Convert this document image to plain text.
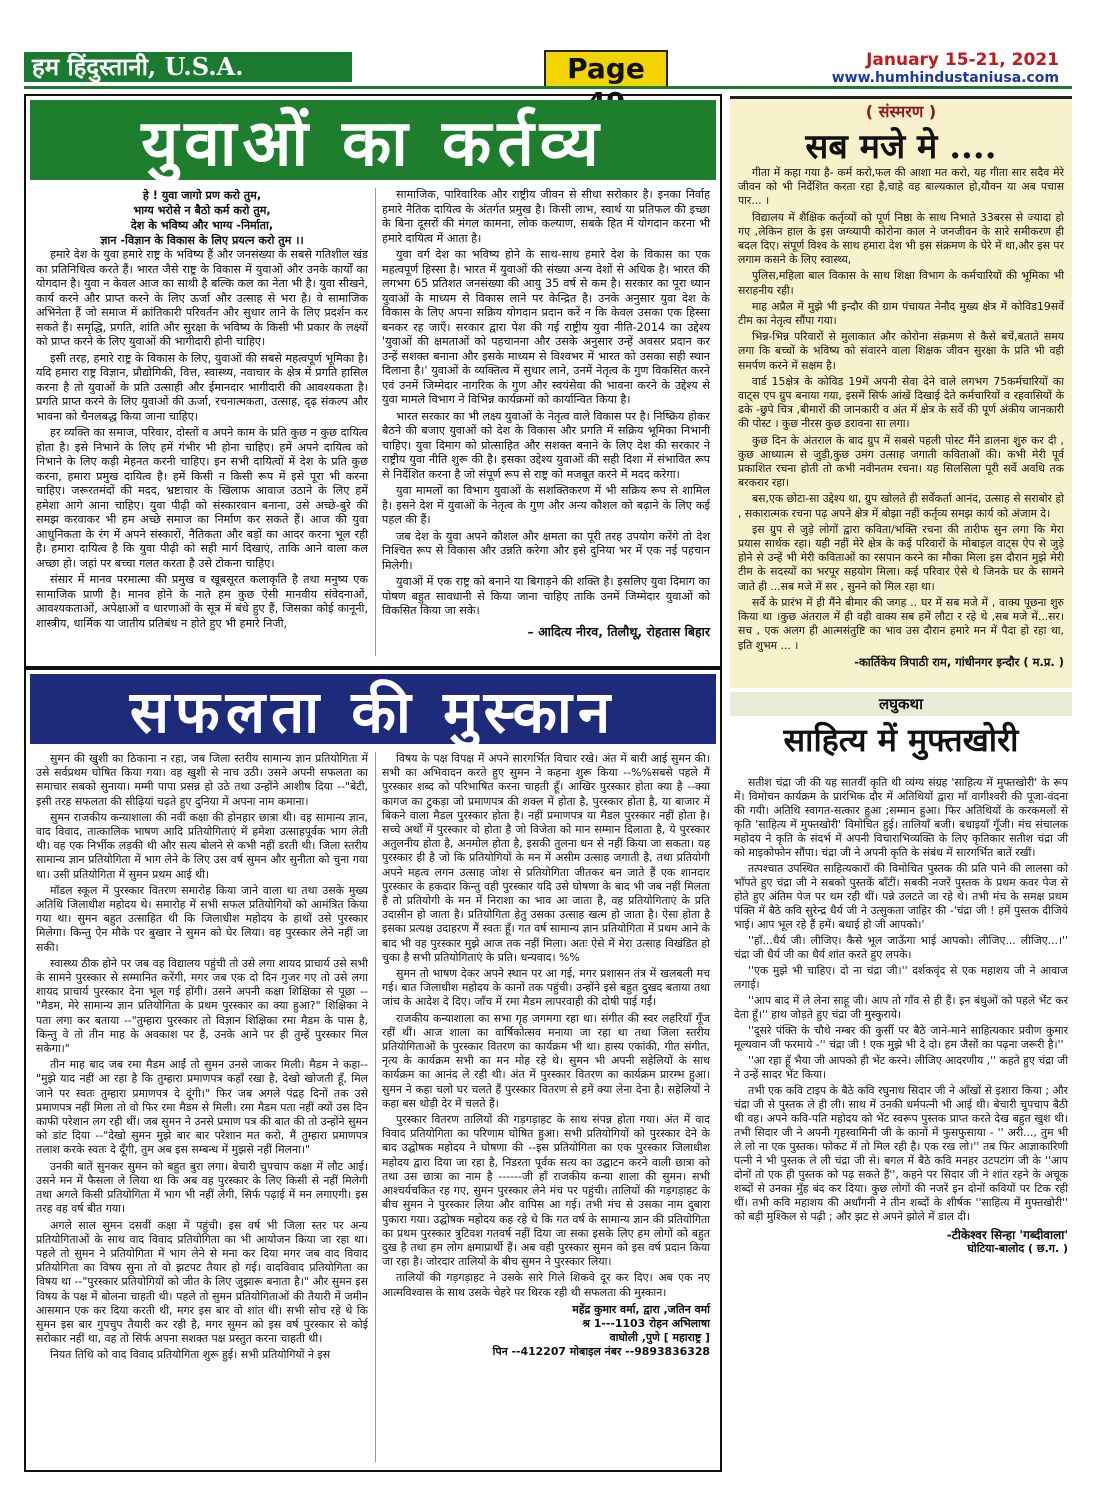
हम हिंदुस्तानी, U.S.A.	Page	January 15-21, 2021
www.humhindustaniusa.com
युवाओं का कर्तव्य
हे ! युवा जागो प्रण करो तुम,
भाग्य भरोसे न बैठो कर्म करो तुम,
देश के भविष्य और भाग्य -निर्माता,
ज्ञान -विज्ञान के विकास के लिए प्रयत्न करो तुम ।।

हमारे देश के युवा हमारे राष्ट्र के भविष्य हैं और जनसंख्या के सबसे गतिशील खंड का प्रतिनिधित्व करते हैं। भारत जैसे राष्ट्र के विकास में युवाओं और उनके कार्यों का योगदान है। युवा न केवल आज का साथी है बल्कि कल का नेता भी है। युवा सीखने, कार्य करने और प्राप्त करने के लिए ऊर्जा और उत्साह से भरा है। वे सामाजिक अभिनेता हैं जो समाज में क्रांतिकारी परिवर्तन और सुधार लाने के लिए प्रदर्शन कर सकते हैं। समृद्धि, प्रगति, शांति और सुरक्षा के भविष्य के किसी भी प्रकार के लक्ष्यों को प्राप्त करने के लिए युवाओं की भागीदारी होनी चाहिए।

इसी तरह, हमारे राष्ट्र के विकास के लिए, युवाओं की सबसे महत्वपूर्ण भूमिका है। यदि हमारा राष्ट्र विज्ञान, प्रौद्योगिकी, वित्त, स्वास्थ्य, नवाचार के क्षेत्र में प्रगति हासिल करना है तो युवाओं के प्रति उत्साही और ईमानदार भागीदारी की आवश्यकता है। प्रगति प्राप्त करने के लिए युवाओं की ऊर्जा, रचनात्मकता, उत्साह, दृढ़ संकल्प और भावना को चैनलबद्ध किया जाना चाहिए।

हर व्यक्ति का समाज, परिवार, दोस्तों व अपने काम के प्रति कुछ न कुछ दायित्व होता है। इसे निभाने के लिए हमें गंभीर भी होना चाहिए। हमें अपने दायित्व को निभाने के लिए कड़ी मेहनत करनी चाहिए। इन सभी दायित्वों में देश के प्रति कुछ करना, हमारा प्रमुख दायित्व है। हमें किसी न किसी रूप में इसे पूरा भी करना चाहिए। जरूरतमंदों की मदद, भ्रष्टाचार के खिलाफ आवाज उठाने के लिए हमें हमेशा आगे आना चाहिए। युवा पीढ़ी को संस्कारवान बनाना, उसे अच्छे-बुरे की समझ करवाकर भी हम अच्छे समाज का निर्माण कर सकते हैं। आज की युवा आधुनिकता के रंग में अपने संस्कारों, नैतिकता और बड़ों का आदर करना भूल रही है। हमारा दायित्व है कि युवा पीढ़ी को सही मार्ग दिखाएं, ताकि आने वाला कल अच्छा हो। जहां पर बच्चा गलत करता है उसे टोकना चाहिए।

संसार में मानव परमात्मा की प्रमुख व खूबसूरत कलाकृति है तथा मनुष्य एक सामाजिक प्राणी है। मानव होने के नाते हम कुछ ऐसी मानवीय संवेदनाओं, आवश्यकताओं, अपेक्षाओं व धारणाओं के सूत्र में बंधे हुए हैं, जिसका कोई कानूनी, शास्त्रीय, धार्मिक या जातीय प्रतिबंध न होते हुए भी हमारे निजी,

सामाजिक, पारिवारिक और राष्ट्रीय जीवन से सीधा सरोकार है। इनका निर्वाह हमारे नैतिक दायित्व के अंतर्गत प्रमुख है। किसी लाभ, स्वार्थ या प्रतिफल की इच्छा के बिना दूसरों की मंगल कामना, लोक कल्याण, सबके हित में योगदान करना भी हमारे दायित्व में आता है।

युवा वर्ग देश का भविष्य होने के साथ-साथ हमारे देश के विकास का एक महत्वपूर्ण हिस्सा है। भारत में युवाओं की संख्या अन्य देशों से अधिक है। भारत की लगभग 65 प्रतिशत जनसंख्या की आयु 35 वर्ष से कम है। सरकार का पूरा ध्यान युवाओं के माध्यम से विकास लाने पर केन्द्रित है। उनके अनुसार युवा देश के विकास के लिए अपना सक्रिय योगदान प्रदान करें न कि केवल उसका एक हिस्सा बनकर रह जाएँ। सरकार द्वारा पेश की गई राष्ट्रीय युवा नीति-2014 का उद्देश्य 'युवाओं की क्षमताओं को पहचानना और उसके अनुसार उन्हें अवसर प्रदान कर उन्हें सशक्त बनाना और इसके माध्यम से विश्वभर में भारत को उसका सही स्थान दिलाना है।' युवाओं के व्यक्तित्व में सुधार लाने, उनमें नेतृत्व के गुण विकसित करने एवं उनमें जिम्मेदार नागरिक के गुण और स्वयंसेवा की भावना करने के उद्देश्य से युवा मामले विभाग ने विभिन्न कार्यक्रमों को कार्यान्वित किया है।

भारत सरकार का भी लक्ष्य युवाओं के नेतृत्व वाले विकास पर है। निष्क्रिय होकर बैठने की बजाए युवाओं को देश के विकास और प्रगति में सक्रिय भूमिका निभानी चाहिए। युवा दिमाग को प्रोत्साहित और सशक्त बनाने के लिए देश की सरकार ने राष्ट्रीय युवा नीति शुरू की है। इसका उद्देश्य युवाओं की सही दिशा में संभावित रूप से निर्देशित करना है जो संपूर्ण रूप से राष्ट्र को मजबूत करने में मदद करेगा।

युवा मामलों का विभाग युवाओं के सशक्तिकरण में भी सक्रिय रूप से शामिल है। इसने देश में युवाओं के नेतृत्व के गुण और अन्य कौशल को बढ़ाने के लिए कई पहल की हैं।

जब देश के युवा अपने कौशल और क्षमता का पूरी तरह उपयोग करेंगे तो देश निश्चित रूप से विकास और उन्नति करेगा और इसे दुनिया भर में एक नई पहचान मिलेगी।

युवाओं में एक राष्ट्र को बनाने या बिगाड़ने की शक्ति है। इसलिए युवा दिमाग का पोषण बहुत सावधानी से किया जाना चाहिए ताकि उनमें जिम्मेदार युवाओं को विकसित किया जा सके।

– आदित्य नीरव, तिलौथू, रोहतास बिहार
सफलता की मुस्कान

सुमन की खुशी का ठिकाना न रहा, जब जिला स्तरीय सामान्य ज्ञान प्रतियोगिता में उसे सर्वप्रथम घोषित किया गया। वह खुशी से नाच उठी। उसने अपनी सफलता का समाचार सबको सुनाया। मम्मी पापा प्रसन्न हो उठे तथा उन्होंने आशीष दिया --"बेटी, इसी तरह सफलता की सीढ़ियां चढ़ते हुए दुनिया में अपना नाम कमाना।

सुमन राजकीय कन्याशाला की नवीं कक्षा की होनहार छात्रा थी। वह सामान्य ज्ञान, वाद विवाद, तात्कालिक भाषण आदि प्रतियोगिताएं में हमेशा उत्साहपूर्वक भाग लेती थी। वह एक निर्भीक लड़की थी और सत्य बोलने से कभी नहीं डरती थी। जिला स्तरीय सामान्य ज्ञान प्रतियोगिता में भाग लेने के लिए उस वर्ष सुमन और सुनीता को चुना गया था। उसी प्रतियोगिता में सुमन प्रथम आई थी।

मॉडल स्कूल में पुरस्कार वितरण समारोह किया जाने वाला था तथा उसके मुख्य अतिथि जिलाधीश महोदय थे। समारोह में सभी सफल प्रतियोगियों को आमंत्रित किया गया था। सुमन बहुत उत्साहित थी कि जिलाधीश महोदय के हाथों उसे पुरस्कार मिलेगा। किन्तु ऐन मौके पर बुखार ने सुमन को घेर लिया। वह पुरस्कार लेने नहीं जा सकी।

स्वास्थ्य ठीक होने पर जब वह विद्यालय पहुंची तो उसे लगा शायद प्राचार्य उसे सभी के सामने पुरस्कार से सम्मानित करेंगी, मगर जब एक दो दिन गुजर गए तो उसे लगा शायद प्राचार्य पुरस्कार देना भूल गई होंगी। उसने अपनी कक्षा शिक्षिका से पूछा --"मैडम, मेरे सामान्य ज्ञान प्रतियोगिता के प्रथम पुरस्कार का क्या हुआ?" शिक्षिका ने पता लगा कर बताया --"तुम्हारा पुरस्कार तो विज्ञान शिक्षिका रमा मैडम के पास है, किन्तु वे तो तीन माह के अवकाश पर हैं, उनके आने पर ही तुम्हें पुरस्कार मिल सकेगा।"

तीन माह बाद जब रमा मैडम आईं तो सुमन उनसे जाकर मिली। मैडम ने कहा--"मुझे याद नहीं आ रहा है कि तुम्हारा प्रमाणपत्र कहाँ रखा है, देखो खोजती हूँ, मिल जाने पर स्वतः तुम्हारा प्रमाणपत्र दे दूंगी।" फिर जब अगले पंद्रह दिनों तक उसे प्रमाणपत्र नहीं मिला तो वो फिर रमा मैडम से मिली। रमा मैडम पता नहीं क्यों उस दिन काफी परेशान लग रही थीं। जब सुमन ने उनसे प्रमाण पत्र की बात की तो उन्होंने सुमन को डांट दिया --"देखो सुमन मुझे बार बार परेशान मत करो, मैं तुम्हारा प्रमाणपत्र तलाश करके स्वतः दे दूँगी, तुम अब इस सम्बन्ध में मुझसे नहीं मिलना।"

उनकी बातें सुनकर सुमन को बहुत बुरा लगा। बेचारी चुपचाप कक्षा में लौट आई। उसने मन में फैसला ले लिया था कि अब वह पुरस्कार के लिए किसी से नहीं मिलेगी तथा अगले किसी प्रतियोगिता में भाग भी नहीं लेगी, सिर्फ पढ़ाई में मन लगाएगी। इस तरह वह वर्ष बीत गया।

अगले साल सुमन दसवीं कक्षा में पहुंची। इस वर्ष भी जिला स्तर पर अन्य प्रतियोगिताओं के साथ वाद विवाद प्रतियोगिता का भी आयोजन किया जा रहा था। पहले तो सुमन ने प्रतियोगिता में भाग लेने से मना कर दिया मगर जब वाद विवाद प्रतियोगिता का विषय सुना तो वो झटपट तैयार हो गई। वादविवाद प्रतियोगिता का विषय था --"पुरस्कार प्रतियोगियों को जीत के लिए जुझारू बनाता है।" और सुमन इस विषय के पक्ष में बोलना चाहती थी। पहले तो सुमन प्रतियोगिताओं की तैयारी में जमीन आसमान एक कर दिया करती थी, मगर इस बार वो शांत थी। सभी सोच रहे थे कि सुमन इस बार गुपचुप तैयारी कर रही है, मगर सुमन को इस वर्ष पुरस्कार से कोई सरोकार नहीं था, वह तो सिर्फ अपना सशक्त पक्ष प्रस्तुत करना चाहती थी।

नियत तिथि को वाद विवाद प्रतियोगिता शुरू हुई। सभी प्रतियोगियों ने इस

विषय के पक्ष विपक्ष में अपने सारगर्भित विचार रखे। अंत में बारी आई सुमन की। सभी का अभिवादन करते हुए सुमन ने कहना शुरू किया --%%सबसे पहले मैं पुरस्कार शब्द को परिभाषित करना चाहती हूँ। आखिर पुरस्कार होता क्या है --क्या कागज का टुकड़ा जो प्रमाणपत्र की शक्ल में होता है, पुरस्कार होता है, या बाजार में बिकने वाला मैडल पुरस्कार होता है। नहीं प्रमाणपत्र या मैडल पुरस्कार नहीं होता है। सच्चे अर्थों में पुरस्कार वो होता है जो विजेता को मान सम्मान दिलाता है, ये पुरस्कार अतुलनीय होता है, अनमोल होता है, इसकी तुलना धन से नहीं किया जा सकता। यह पुरस्कार ही है जो कि प्रतियोगियों के मन में असीम उत्साह जगाती है, तथा प्रतियोगी अपने महत्व लगन उत्साह जोश से प्रतियोगिता जीतकर बन जाते हैं एक शानदार पुरस्कार के हकदार किन्तु वही पुरस्कार यदि उसे घोषणा के बाद भी जब नहीं मिलता है तो प्रतियोगी के मन में निराशा का भाव आ जाता है, वह प्रतियोगिताएं के प्रति उदासीन हो जाता है। प्रतियोगिता हेतु उसका उत्साह खत्म हो जाता है। ऐसा होता है इसका प्रत्यक्ष उदाहरण मैं स्वतः हूँ। गत वर्ष सामान्य ज्ञान प्रतियोगिता में प्रथम आने के बाद भी वह पुरस्कार मुझे आज तक नहीं मिला। अतः ऐसे में मेरा उत्साह विखंडित हो चुका है सभी प्रतियोगिताएं के प्रति। धन्यवाद। %%

सुमन तो भाषण देकर अपने स्थान पर आ गई, मगर प्रशासन तंत्र में खलबली मच गई। बात जिलाधीश महोदय के कानों तक पहुंची। उन्होंने इसे बहुत दुखद बताया तथा जांच के आदेश दे दिए। जाँच में रमा मैडम लापरवाही की दोषी पाई गईं।

राजकीय कन्याशाला का सभा गृह जगमगा रहा था। संगीत की स्वर लहरियाँ गूँज रहीं थीं। आज शाला का वार्षिकोत्सव मनाया जा रहा था तथा जिला स्तरीय प्रतियोगिताओं के पुरस्कार वितरण का कार्यक्रम भी था। हास्य एकांकी, गीत संगीत, नृत्य के कार्यक्रम सभी का मन मोह रहे थे। सुमन भी अपनी सहेलियों के साथ कार्यक्रम का आनंद ले रही थी। अंत में पुरस्कार वितरण का कार्यक्रम प्रारम्भ हुआ। सुमन ने कहा चलो घर चलते हैं पुरस्कार वितरण से हमें क्या लेना देना है। सहेलियों ने कहा बस थोड़ी देर में चलते हैं।

पुरस्कार वितरण तालियों की गड़गड़ाहट के साथ संपन्न होता गया। अंत में वाद विवाद प्रतियोगिता का परिणाम घोषित हुआ। सभी प्रतियोगियों को पुरस्कार देने के बाद उद्घोषक महोदय ने घोषणा की --इस प्रतियोगिता का एक पुरस्कार जिलाधीश महोदय द्वारा दिया जा रहा है, निडरता पूर्वक सत्य का उद्घाटन करने वाली छात्रा को तथा उस छात्रा का नाम है ------जी हाँ राजकीय कन्या शाला की सुमन। सभी आश्चर्यचकित रह गए, सुमन पुरस्कार लेने मंच पर पहुंची। तालियों की गड़गड़ाहट के बीच सुमन ने पुरस्कार लिया और वापिस आ गई। तभी मंच से उसका नाम दुबारा पुकारा गया। उद्घोषक महोदय कह रहे थे कि गत वर्ष के सामान्य ज्ञान की प्रतियोगिता का प्रथम पुरस्कार त्रुटिवश गतवर्ष नहीं दिया जा सका इसके लिए हम लोगों को बहुत दुख है तथा हम लोग क्षमाप्रार्थी हैं। अब वही पुरस्कार सुमन को इस वर्ष प्रदान किया जा रहा है। जोरदार तालियों के बीच सुमन ने पुरस्कार लिया।

तालियों की गड़गड़ाहट ने उसके सारे गिले शिकवे दूर कर दिए। अब एक नए आत्मविश्वास के साथ उसके चेहरे पर थिरक रही थी सफलता की मुस्कान।

महेंद्र कुमार वर्मा, द्वारा ,जतिन वर्मा
श्र 1---1103 रोहन अभिलाषा
वाघोली ,पुणे [ महाराष्ट्र ]
पिन --412207 मोबाइल नंबर --9893836328
( संस्मरण )
सब मजे मे ....

गीता में कहा गया है- कर्म करो,फल की आशा मत करो, यह गीता सार सदैव मेरे जीवन को भी निर्देशित करता रहा है,चाहे वह बाल्यकाल हो,यौवन या अब पचास पार... ।

विद्यालय में शैक्षिक कर्तृव्यों को पूर्ण निष्ठा के साथ निभाते 33बरस से ज्यादा हो गए ,लेकिन हाल के इस जग्व्यापी कोरोना काल ने जनजीवन के सारे समीकरण ही बदल दिए। संपूर्ण विश्व के साथ हमारा देश भी इस संक्रमण के घेरे में था,और इस पर लगाम कसने के लिए स्वास्थ्य,

पुलिस,महिला बाल विकास के साथ शिक्षा विभाग के कर्मचारियों की भूमिका भी सराहनीय रही।

माह अप्रैल में मुझे भी इन्दौर की ग्राम पंचायत नेनौद मुख्य क्षेत्र में कोविड19सर्वे टीम का नेतृत्व सौंपा गया।

भिन्न-भिन्न परिवारों से मुलाकात और कोरोना संक्रमण से कैसे बचें,बताते समय लगा कि बच्चों के भविष्य को संवारने वाला शिक्षक जीवन सुरक्षा के प्रति भी वही समर्पण करने में सक्षम है।

वार्ड 15क्षेत्र के कोविड 19में अपनी सेवा देने वाले लगभग 75कर्मचारियों का वाट्स एप ग्रुप बनाया गया, इसमें सिर्फ आंखें दिखाई देते कर्मचारियों व रहवासियों के ढके -छुपे चित्र ,बीमारों की जानकारी व अंत में क्षेत्र के सर्वे की पूर्ण अंकीय जानकारी की पोस्ट । कुछ नीरस कुछ डरावना सा लगा।

कुछ दिन के अंतराल के बाद ग्रुप में सबसे पहली पोस्ट मैंने डालना शुरु कर दी , कुछ आध्यात्म से जुड़ी,कुछ उमंग उत्साह जगाती कविताओं की। कभी मेरी पूर्व प्रकाशित रचना होती तो कभी नवीनतम रचना। यह सिलसिला पूरी सर्वे अवधि तक बरकरार रहा।

बस,एक छोटा-सा उद्देश्य था, ग्रुप खोलते ही सर्वेकर्ता आनंद, उत्साह से सराबोर हो , सकारात्मक रचना पढ़ अपने क्षेत्र में बोझा नहीं कर्तृव्य समझ कार्य को अंजाम दे।

इस ग्रुप से जुड़े लोगों द्वारा कविता/भक्ति रचना की तारीफ सुन लगा कि मेरा प्रयास सार्थक रहा। यही नहीं मेरे क्षेत्र के कई परिवारों के मोबाइल वाट्स ऐप से जुड़े होने से उन्हें भी मेरी कविताओं का रसपान करने का मौका मिला इस दौरान मुझे मेरी टीम के सदस्यों का भरपूर सहयोग मिला। कई परिवार ऐसे थे जिनके घर के सामने जाते ही ...सब मजे में सर , सुनने को मिल रहा था।

सर्वे के प्रारंभ में ही मैंने बीमार की जगह .. घर में सब मजे में , वाक्य पूछना शुरु किया था ।कुछ अंतराल में ही वही वाक्य सब हमें लौटा र रहे थे ,सब मजे में...सर। सच , एक अलग ही आत्मसंतुष्टि का भाव उस दौरान हमारे मन में पैदा हो रहा था, इति शुभम ... ।

-कार्तिकेय त्रिपाठी राम, गांधीनगर इन्दौर ( म.प्र. )
लघुकथा
साहित्य में मुफ्तखोरी

सतीश चंद्रा जी की यह सातवीं कृति थी व्यंग्य संग्रह 'साहित्य में मुफ्तखोरी' के रूप में। विमोचन कार्यक्रम के प्रारंभिक दौर में अतिथियों द्वारा माँ वागीश्वरी की पूजा-वंदना की गयी। अतिथि स्वागत-सत्कार हुआ ;सम्मान हुआ। फिर अतिथियों के करकमलों से कृति 'साहित्य में मुफ्तखोरी' विमोचित हुई। तालियाँ बजी। बधाइयाँ गूँजी। मंच संचालक महोदय ने कृति के संदर्भ में अपनी विचाराभिव्यक्ति के लिए कृतिकार सतीश चंद्रा जी को माइकोफोन सौंपा। चंद्रा जी ने अपनी कृति के संबंध में सारगर्भित बातें रखीं।

तत्पश्चात उपस्थित साहित्यकारों की विमोचित पुस्तक की प्रति पाने की लालसा को भाँपते हुए चंद्रा जी ने सबको पुस्तकें बाँटीं। सबकी नजरें पुस्तक के प्रथम कवर पेज से होते हुए अंतिम पेज पर थम रही थीं। पन्ने उलटते जा रहे थे। तभी मंच के समक्ष प्रथम पंक्ति में बैठे कवि सुरेन्द्र धैर्य जी ने उत्सुकता जाहिर की -'चंद्रा जी ! हमें पुस्तक दीजिये भाई। आप भूल रहे हैं हमें। बधाई हो जी आपको।'

''हाँ...धैर्य जी। लीजिए। कैसे भूल जाऊँगा भाई आपको। लीजिए... लीजिए...।'' चंद्रा जी धैर्य जी का धैर्य शांत करते हुए लपके।

''एक मुझे भी चाहिए। दो ना चंद्रा जी।'' दर्शकवृंद से एक महाशय जी ने आवाज लगाई।

''आप बाद में ले लेना साहू जी। आप तो गाँव से ही हैं। इन बंधुओं को पहले भेंट कर देता हूँ।'' हाथ जोड़ते हुए चंद्रा जी मुस्कुराये।

''दूसरे पंक्ति के चौथे नम्बर की कुर्सी पर बैठे जाने-माने साहित्यकार प्रवीण कुमार मूल्यवान जी फरमाये -'' चंद्रा जी ! एक मुझे भी दे दो। हम जैसों का पढ़ना जरूरी है।''

''आ रहा हूँ भैया जी आपको ही भेंट करने। लीजिए आदरणीय ,'' कहते हुए चंद्रा जी ने उन्हें सादर भेंट किया।

तभी एक कवि टाइप के बैठे कवि रघुनाथ सिदार जी ने आँखों से इशारा किया ; और चंद्रा जी से पुस्तक ले ही ली। साथ में उनकी धर्मपत्नी भी आई थी। बेचारी चुपचाप बैठी थी वह। अपने कवि-पति महोदय को भेंट स्वरूप पुस्तक प्राप्त करते देख बहुत खुश थी। तभी सिदार जी ने अपनी गृहस्वामिनी जी के कानों में फुसफुसाया - '' अरी..., तुम भी ले लो ना एक पुस्तक। फोकट में तो मिल रही है। एक रख लो।'' तब फिर आज्ञाकारिणी पत्नी ने भी पुस्तक ले ली चंद्रा जी से। बगल में बैठे कवि मनहर उटपटांग जी के ''आप दोनों तो एक ही पुस्तक को पढ़ सकते हैं'', कहने पर सिदार जी ने शांत रहने के अचूक शब्दों से उनका मुँह बंद कर दिया। कुछ लोगों की नजरें इन दोनों कवियों पर टिक रही थीं। तभी कवि महाशय की अर्धांगनी ने तीन शब्दों के शीर्षक ''साहित्य में मुफ्तखोरी'' को बड़ी मुश्किल से पढ़ी ; और झट से अपने झोले में डाल दी।

-टीकेश्वर सिन्हा 'गब्दीवाला'
घोटिया-बालोद ( छ.ग. )
